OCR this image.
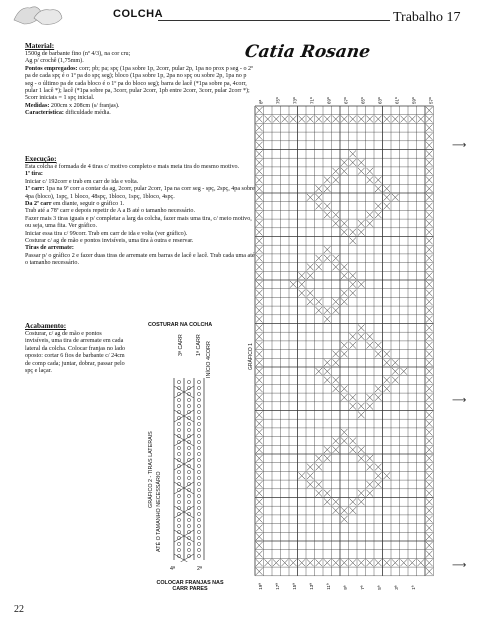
COLCHA	Trabalho 17
Material:
1500g de barbante fino (nº 4/3), na cor cru;
Ag p/ crochê (1,75mm).
Pontos empregados: corr; pb; pa; spç (1pa sobre 1p, 2corr, pular 2p, 1pa no prox p seg - o 2º pa de cada spç é o 1º pa do spç seg); bloco (1pa sobre 1p, 2pa no spç ou sobre 2p, 1pa no p seg - o último pa de cada bloco é o 1º pa do bloco seg); barra de lacê (*1pa sobre pa, 4corr, pular 1 lacê *); lacê (*1pa sobre pa, 3corr, pular 2corr, 1pb entre 2corr, 3corr, pular 2corr *); 5corr iniciais = 1 spç inicial.
Medidas: 200cm x 208cm (s/ franjas).
Característica: dificuldade média.
Execução:
Esta colcha é formada de 4 tiras c/ motivo completo e mais meia tira do mesmo motivo.
1ª tira:
Iniciar c/ 192corr e trab em carr de ida e volta.
1ª carr: 1pa na 9ª corr a contar da ag, 2corr, pular 2corr, 1pa na corr seg - spç, 2spç, 4pa sobre 4pa (bloco), 1spç, 1 bloco, 48spç, 1bloco, 1spç, 1bloco, 4spç.
Da 2ª carr em diante, seguir o gráfico 1.
Trab até a 78ª carr e depois repetir de A a B até o tamanho necessário.
Fazer mais 3 tiras iguais e p/ completar a larg da colcha, fazer mais uma tira, c/ meio motivo, ou seja, uma fita. Ver gráfico.
Iniciar essa tira c/ 99corr. Trab em carr de ida e volta (ver gráfico).
Costurar c/ ag de mão e pontos invisíveis, uma tira à outra e reservar.
Tiras de arremate:
Passar p/ o gráfico 2 e fazer duas tiras de arremate em barras de lacê e lacê. Trab cada uma até o tamanho necessário.
Acabamento:
Costurar, c/ ag de mão e pontos invisíveis, uma tira de arremate em cada lateral da colcha. Colocar franjas no lado oposto: cortar 6 fios de barbante c/ 24cm de comp cada; juntar, dobrar, passar pelo spç e laçar.
COSTURAR NA COLCHA
3ª CARR 1ª CARR INÍCIO 4CORR
GRÁFICO 2 - TIRAS LATERAIS
ATÉ O TAMANHO NECESSÁRIO
4ª	2ª
COLOCAR FRANJAS NAS CARR PARES
Catia Rosane
GRÁFICO 1
8ª	75ª	73ª	71ª	69ª	67ª	65ª	63ª	61ª	59ª	57ª
19ª	17ª	15ª	13ª	11ª	9ª	7ª	5ª	3ª	1ª
⟶
⟶
⟶
22
